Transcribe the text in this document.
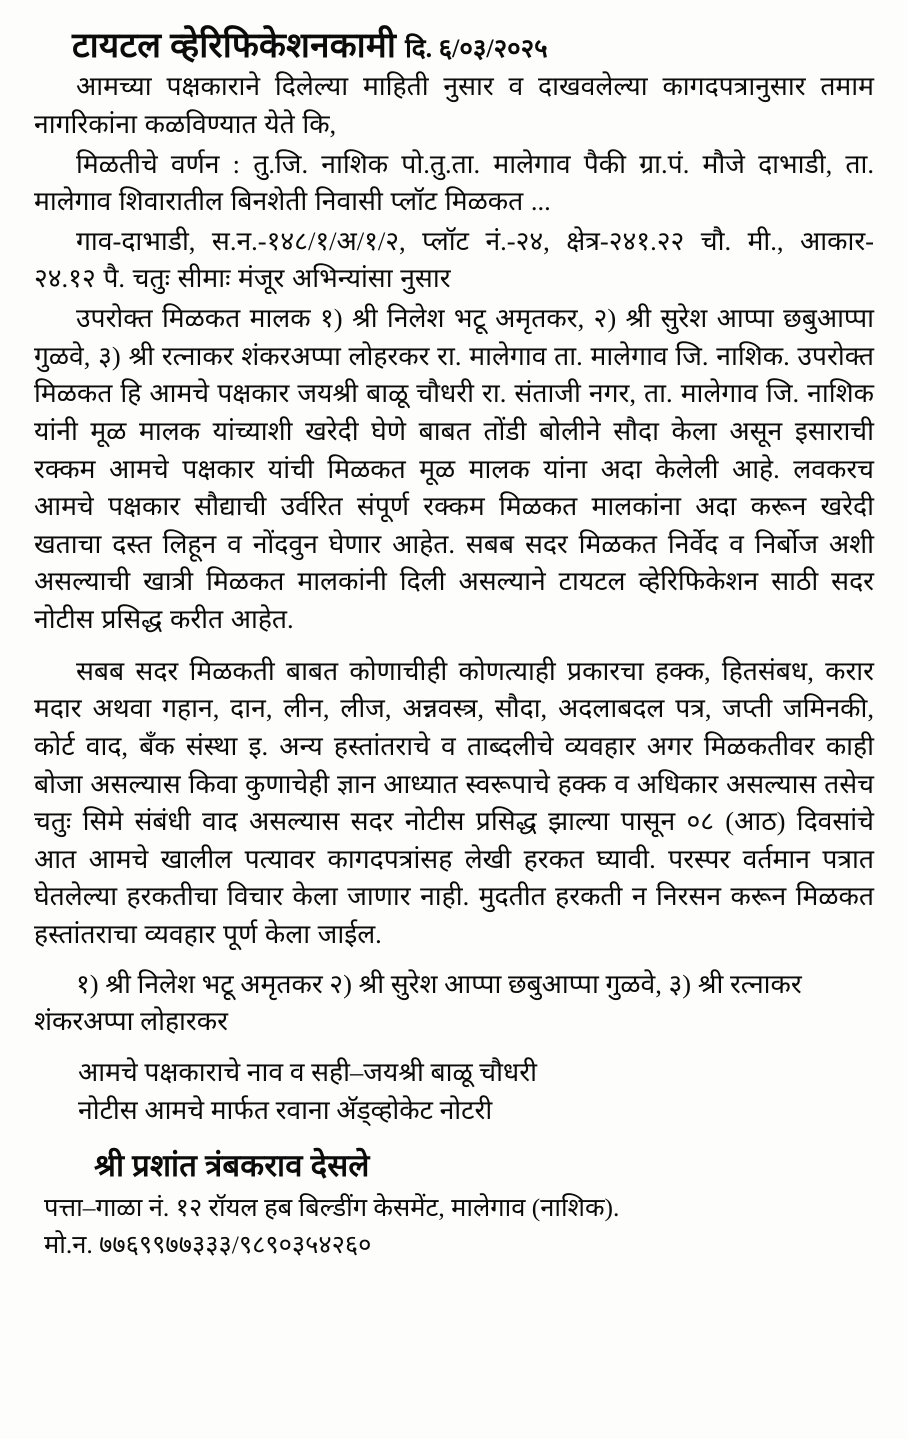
टायटल व्हेरिफिकेशनकामी दि. ६/०३/२०२५

आमच्या पक्षकाराने दिलेल्या माहिती नुसार व दाखवलेल्या कागदपत्रानुसार तमाम नागरिकांना कळविण्यात येते कि,

मिळतीचे वर्णन : तु.जि. नाशिक पो.तु.ता. मालेगाव पैकी ग्रा.पं. मौजे दाभाडी, ता. मालेगाव शिवारातील बिनशेती निवासी प्लॉट मिळकत ...

गाव-दाभाडी, स.न.-१४८/१/अ/१/२, प्लॉट नं.-२४, क्षेत्र-२४१.२२ चौ. मी., आकार- २४.१२ पै. चतुः सीमाः मंजूर अभिन्यांसा नुसार

उपरोक्त मिळकत मालक १) श्री निलेश भटू अमृतकर, २) श्री सुरेश आप्पा छबुआप्पा गुळवे, ३) श्री रत्नाकर शंकरअप्पा लोहरकर रा. मालेगाव ता. मालेगाव जि. नाशिक. उपरोक्त मिळकत हि आमचे पक्षकार जयश्री बाळू चौधरी रा. संताजी नगर, ता. मालेगाव जि. नाशिक यांनी मूळ मालक यांच्याशी खरेदी घेणे बाबत तोंडी बोलीने सौदा केला असून इसाराची रक्कम आमचे पक्षकार यांची मिळकत मूळ मालक यांना अदा केलेली आहे. लवकरच आमचे पक्षकार सौद्याची उर्वरित संपूर्ण रक्कम मिळकत मालकांना अदा करून खरेदी खताचा दस्त लिहून व नोंदवुन घेणार आहेत. सबब सदर मिळकत निर्वेद व निर्बोज अशी असल्याची खात्री मिळकत मालकांनी दिली असल्याने टायटल व्हेरिफिकेशन साठी सदर नोटीस प्रसिद्ध करीत आहेत.

सबब सदर मिळकती बाबत कोणाचीही कोणत्याही प्रकारचा हक्क, हितसंबध, करार मदार अथवा गहान, दान, लीन, लीज, अन्नवस्त्र, सौदा, अदलाबदल पत्र, जप्ती जमिनकी, कोर्ट वाद, बँक संस्था इ. अन्य हस्तांतराचे व ताब्दलीचे व्यवहार अगर मिळकतीवर काही बोजा असल्यास किवा कुणाचेही ज्ञान आध्यात स्वरूपाचे हक्क व अधिकार असल्यास तसेच चतुः सिमे संबंधी वाद असल्यास सदर नोटीस प्रसिद्ध झाल्या पासून ०८ (आठ) दिवसांचे आत आमचे खालील पत्यावर कागदपत्रांसह लेखी हरकत घ्यावी. परस्पर वर्तमान पत्रात घेतलेल्या हरकतीचा विचार केला जाणार नाही. मुदतीत हरकती न निरसन करून मिळकत हस्तांतराचा व्यवहार पूर्ण केला जाईल.

१) श्री निलेश भटू अमृतकर २) श्री सुरेश आप्पा छबुआप्पा गुळवे, ३) श्री रत्नाकर शंकरअप्पा लोहारकर

आमचे पक्षकाराचे नाव व सही–जयश्री बाळू चौधरी

नोटीस आमचे मार्फत रवाना अ‍ॅड्व्होकेट नोटरी

श्री प्रशांत त्रंबकराव देसले
पत्ता–गाळा नं. १२ रॉयल हब बिल्डींग केसमेंट, मालेगाव (नाशिक).
मो.न. ७७६९९७७३३३/९८९०३५४२६०
